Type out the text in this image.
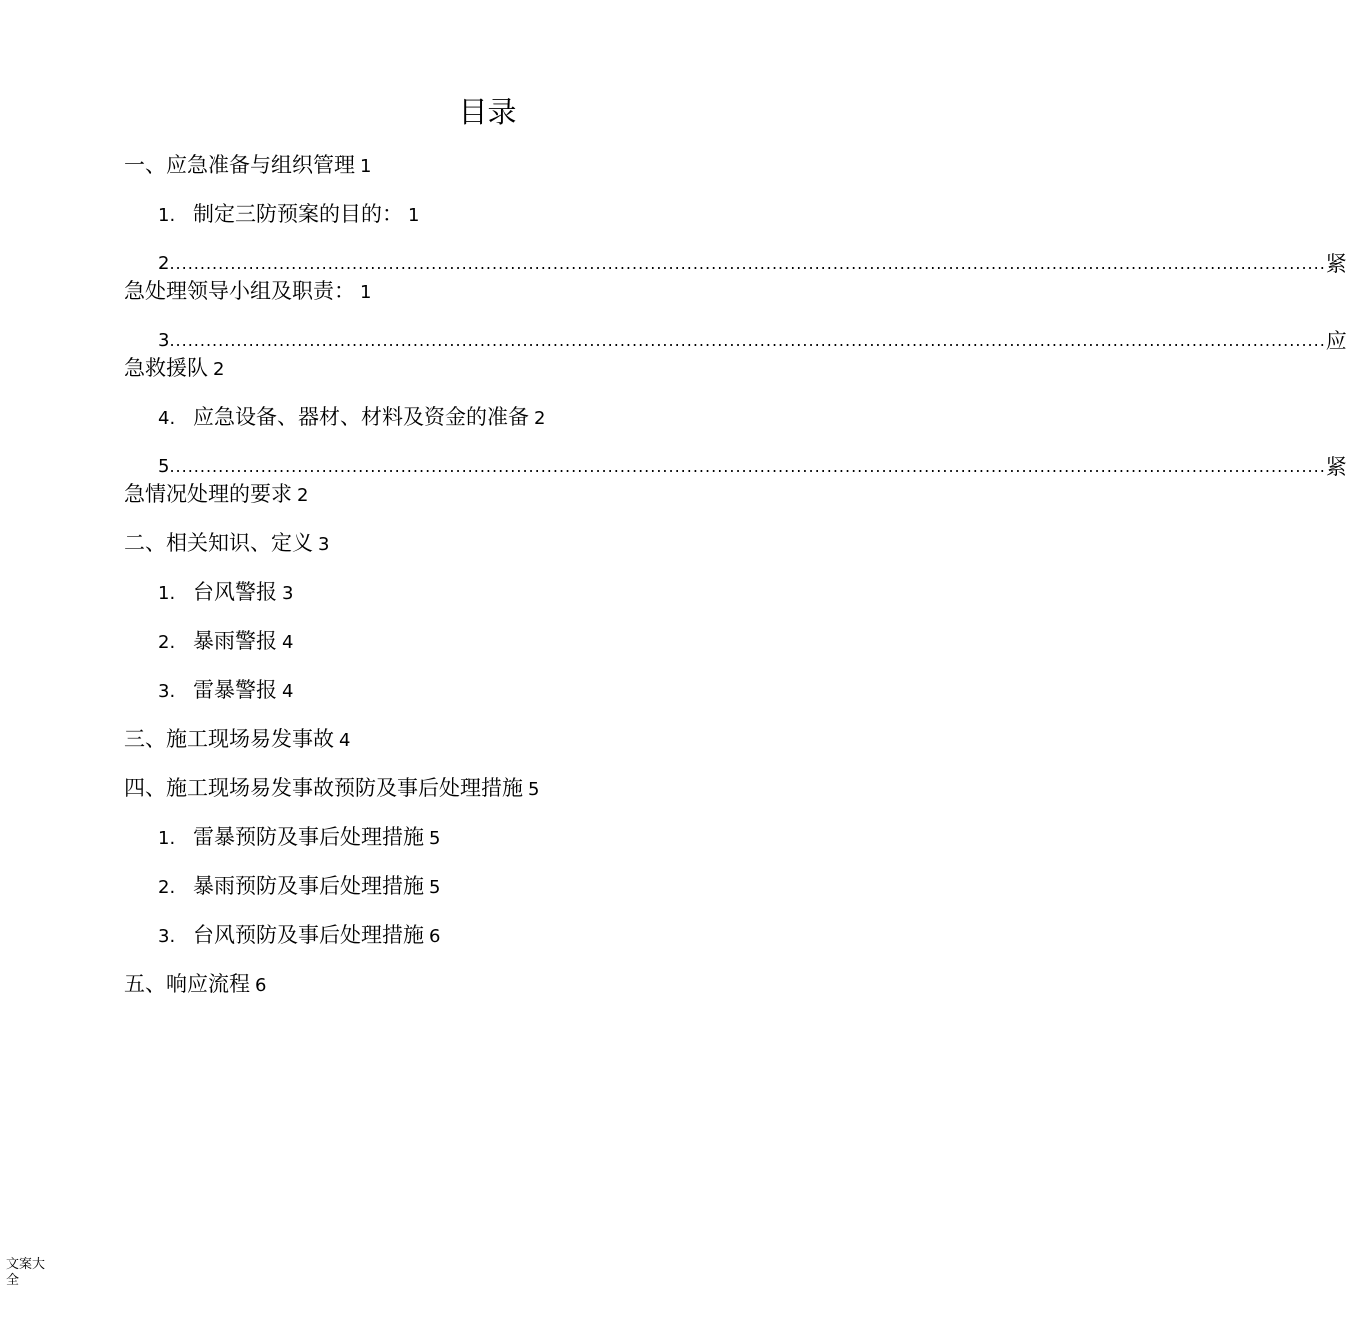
目录
一、应急准备与组织管理 1
1. 制定三防预案的目的： 1
2 .............................................................................................................................................................................................. 紧
急处理领导小组及职责： 1
3 .............................................................................................................................................................................................. 应
急救援队 2
4. 应急设备、器材、材料及资金的准备 2
5 .............................................................................................................................................................................................. 紧
急情况处理的要求 2
二、相关知识、定义 3
1. 台风警报 3
2. 暴雨警报 4
3. 雷暴警报 4
三、施工现场易发事故 4
四、施工现场易发事故预防及事后处理措施 5
1. 雷暴预防及事后处理措施 5
2. 暴雨预防及事后处理措施 5
3. 台风预防及事后处理措施 6
五、响应流程 6
文案大全
